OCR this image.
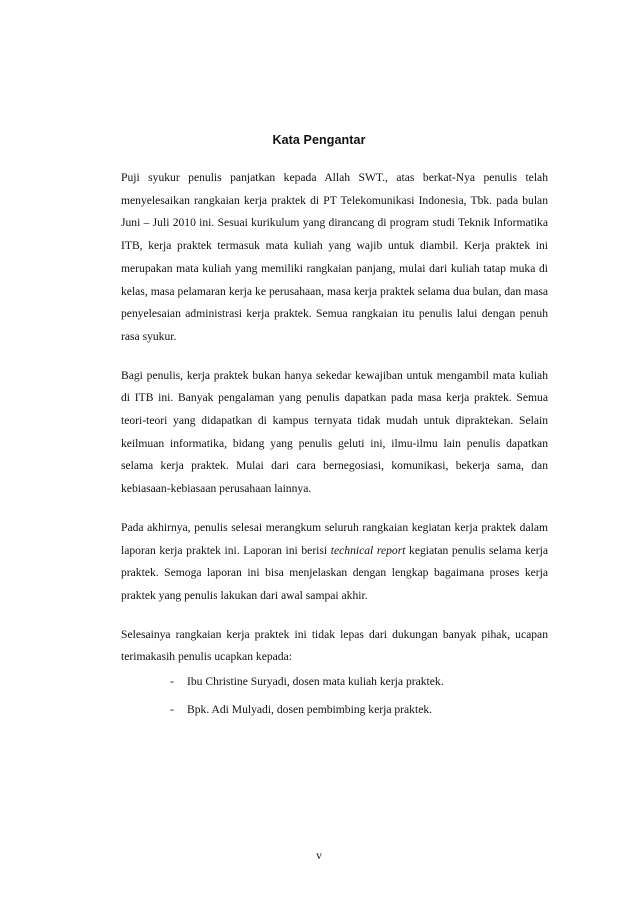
Kata Pengantar

Puji syukur penulis panjatkan kepada Allah SWT., atas berkat-Nya penulis telah menyelesaikan rangkaian kerja praktek di PT Telekomunikasi Indonesia, Tbk. pada bulan Juni – Juli 2010 ini. Sesuai kurikulum yang dirancang di program studi Teknik Informatika ITB, kerja praktek termasuk mata kuliah yang wajib untuk diambil. Kerja praktek ini merupakan mata kuliah yang memiliki rangkaian panjang, mulai dari kuliah tatap muka di kelas, masa pelamaran kerja ke perusahaan, masa kerja praktek selama dua bulan, dan masa penyelesaian administrasi kerja praktek. Semua rangkaian itu penulis lalui dengan penuh rasa syukur.

Bagi penulis, kerja praktek bukan hanya sekedar kewajiban untuk mengambil mata kuliah di ITB ini. Banyak pengalaman yang penulis dapatkan pada masa kerja praktek. Semua teori-teori yang didapatkan di kampus ternyata tidak mudah untuk dipraktekan. Selain keilmuan informatika, bidang yang penulis geluti ini, ilmu-ilmu lain penulis dapatkan selama kerja praktek. Mulai dari cara bernegosiasi, komunikasi, bekerja sama, dan kebiasaan-kebiasaan perusahaan lainnya.

Pada akhirnya, penulis selesai merangkum seluruh rangkaian kegiatan kerja praktek dalam laporan kerja praktek ini. Laporan ini berisi technical report kegiatan penulis selama kerja praktek. Semoga laporan ini bisa menjelaskan dengan lengkap bagaimana proses kerja praktek yang penulis lakukan dari awal sampai akhir.

Selesainya rangkaian kerja praktek ini tidak lepas dari dukungan banyak pihak, ucapan terimakasih penulis ucapkan kepada:

- Ibu Christine Suryadi, dosen mata kuliah kerja praktek.
- Bpk. Adi Mulyadi, dosen pembimbing kerja praktek.
v
